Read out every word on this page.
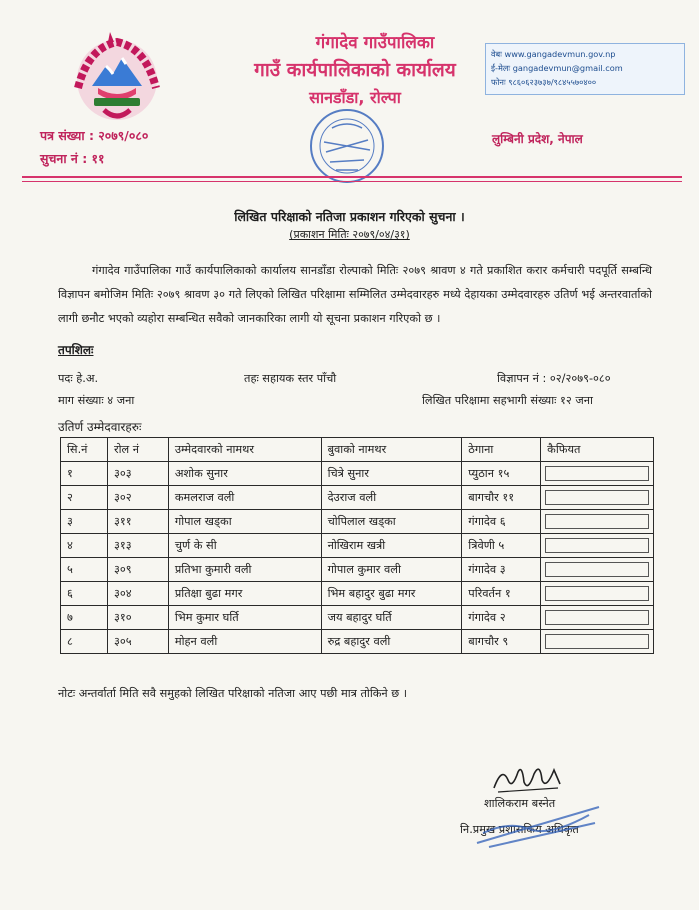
गंगादेव गाउँपालिका
गाउँ कार्यपालिकाको कार्यालय
सानडाँडा, रोल्पा
वेबः www.gangadevmun.gov.np
ई-मेलः gangadevmun@gmail.com
फोनः ९८६०६२३७३७/९८४५५७०४००
पत्र संख्या : २०७९/०८०
सुचना नं : ११
लुम्बिनी प्रदेश, नेपाल
लिखित परिक्षाको नतिजा प्रकाशन गरिएको सुचना ।
(प्रकाशन मितिः २०७९/०४/३१)
गंगादेव गाउँपालिका गाउँ कार्यपालिकाको कार्यालय सानडाँडा रोल्पाको मितिः २०७९ श्रावण ४ गते प्रकाशित करार कर्मचारी पदपूर्ति सम्बन्धि विज्ञापन बमोजिम मितिः २०७९ श्रावण ३० गते लिएको लिखित परिक्षामा सम्मिलित उम्मेदवारहरु मध्ये देहायका उम्मेदवारहरु उतिर्ण भई अन्तरवार्ताको लागी छनौट भएको व्यहोरा सम्बन्धित सवैको जानकारिका लागी यो सूचना प्रकाशन गरिएको छ ।
तपशिलः
पदः हे.अ.	तहः सहायक स्तर पाँचौ	विज्ञापन नं : ०२/२०७९-०८०
माग संख्याः ४ जना	लिखित परिक्षामा सहभागी संख्याः १२ जना
उतिर्ण उम्मेदवारहरुः
सि.नं	रोल नं	उम्मेदवारको नामथर	बुवाको नामथर	ठेगाना	कैफियत
१	३०३	अशोक सुनार	चित्रे सुनार	प्युठान १५	
२	३०२	कमलराज वली	देउराज वली	बागचौर ११	
३	३११	गोपाल खड्का	चोपिलाल खड्का	गंगादेव ६	
४	३१३	चुर्ण के सी	नोखिराम खत्री	त्रिवेणी ५	
५	३०९	प्रतिभा कुमारी वली	गोपाल कुमार वली	गंगादेव ३	
६	३०४	प्रतिक्षा बुढा मगर	भिम बहादुर बुढा मगर	परिवर्तन १	
७	३१०	भिम कुमार घर्ति	जय बहादुर घर्ति	गंगादेव २	
८	३०५	मोहन वली	रुद्र बहादुर वली	बागचौर ९	
नोटः अन्तर्वार्ता मिति सवै समुहको लिखित परिक्षाको नतिजा आए पछी मात्र तोकिने छ ।
शालिकराम बस्नेत
नि.प्रमुख प्रशासकिय अधिकृत
